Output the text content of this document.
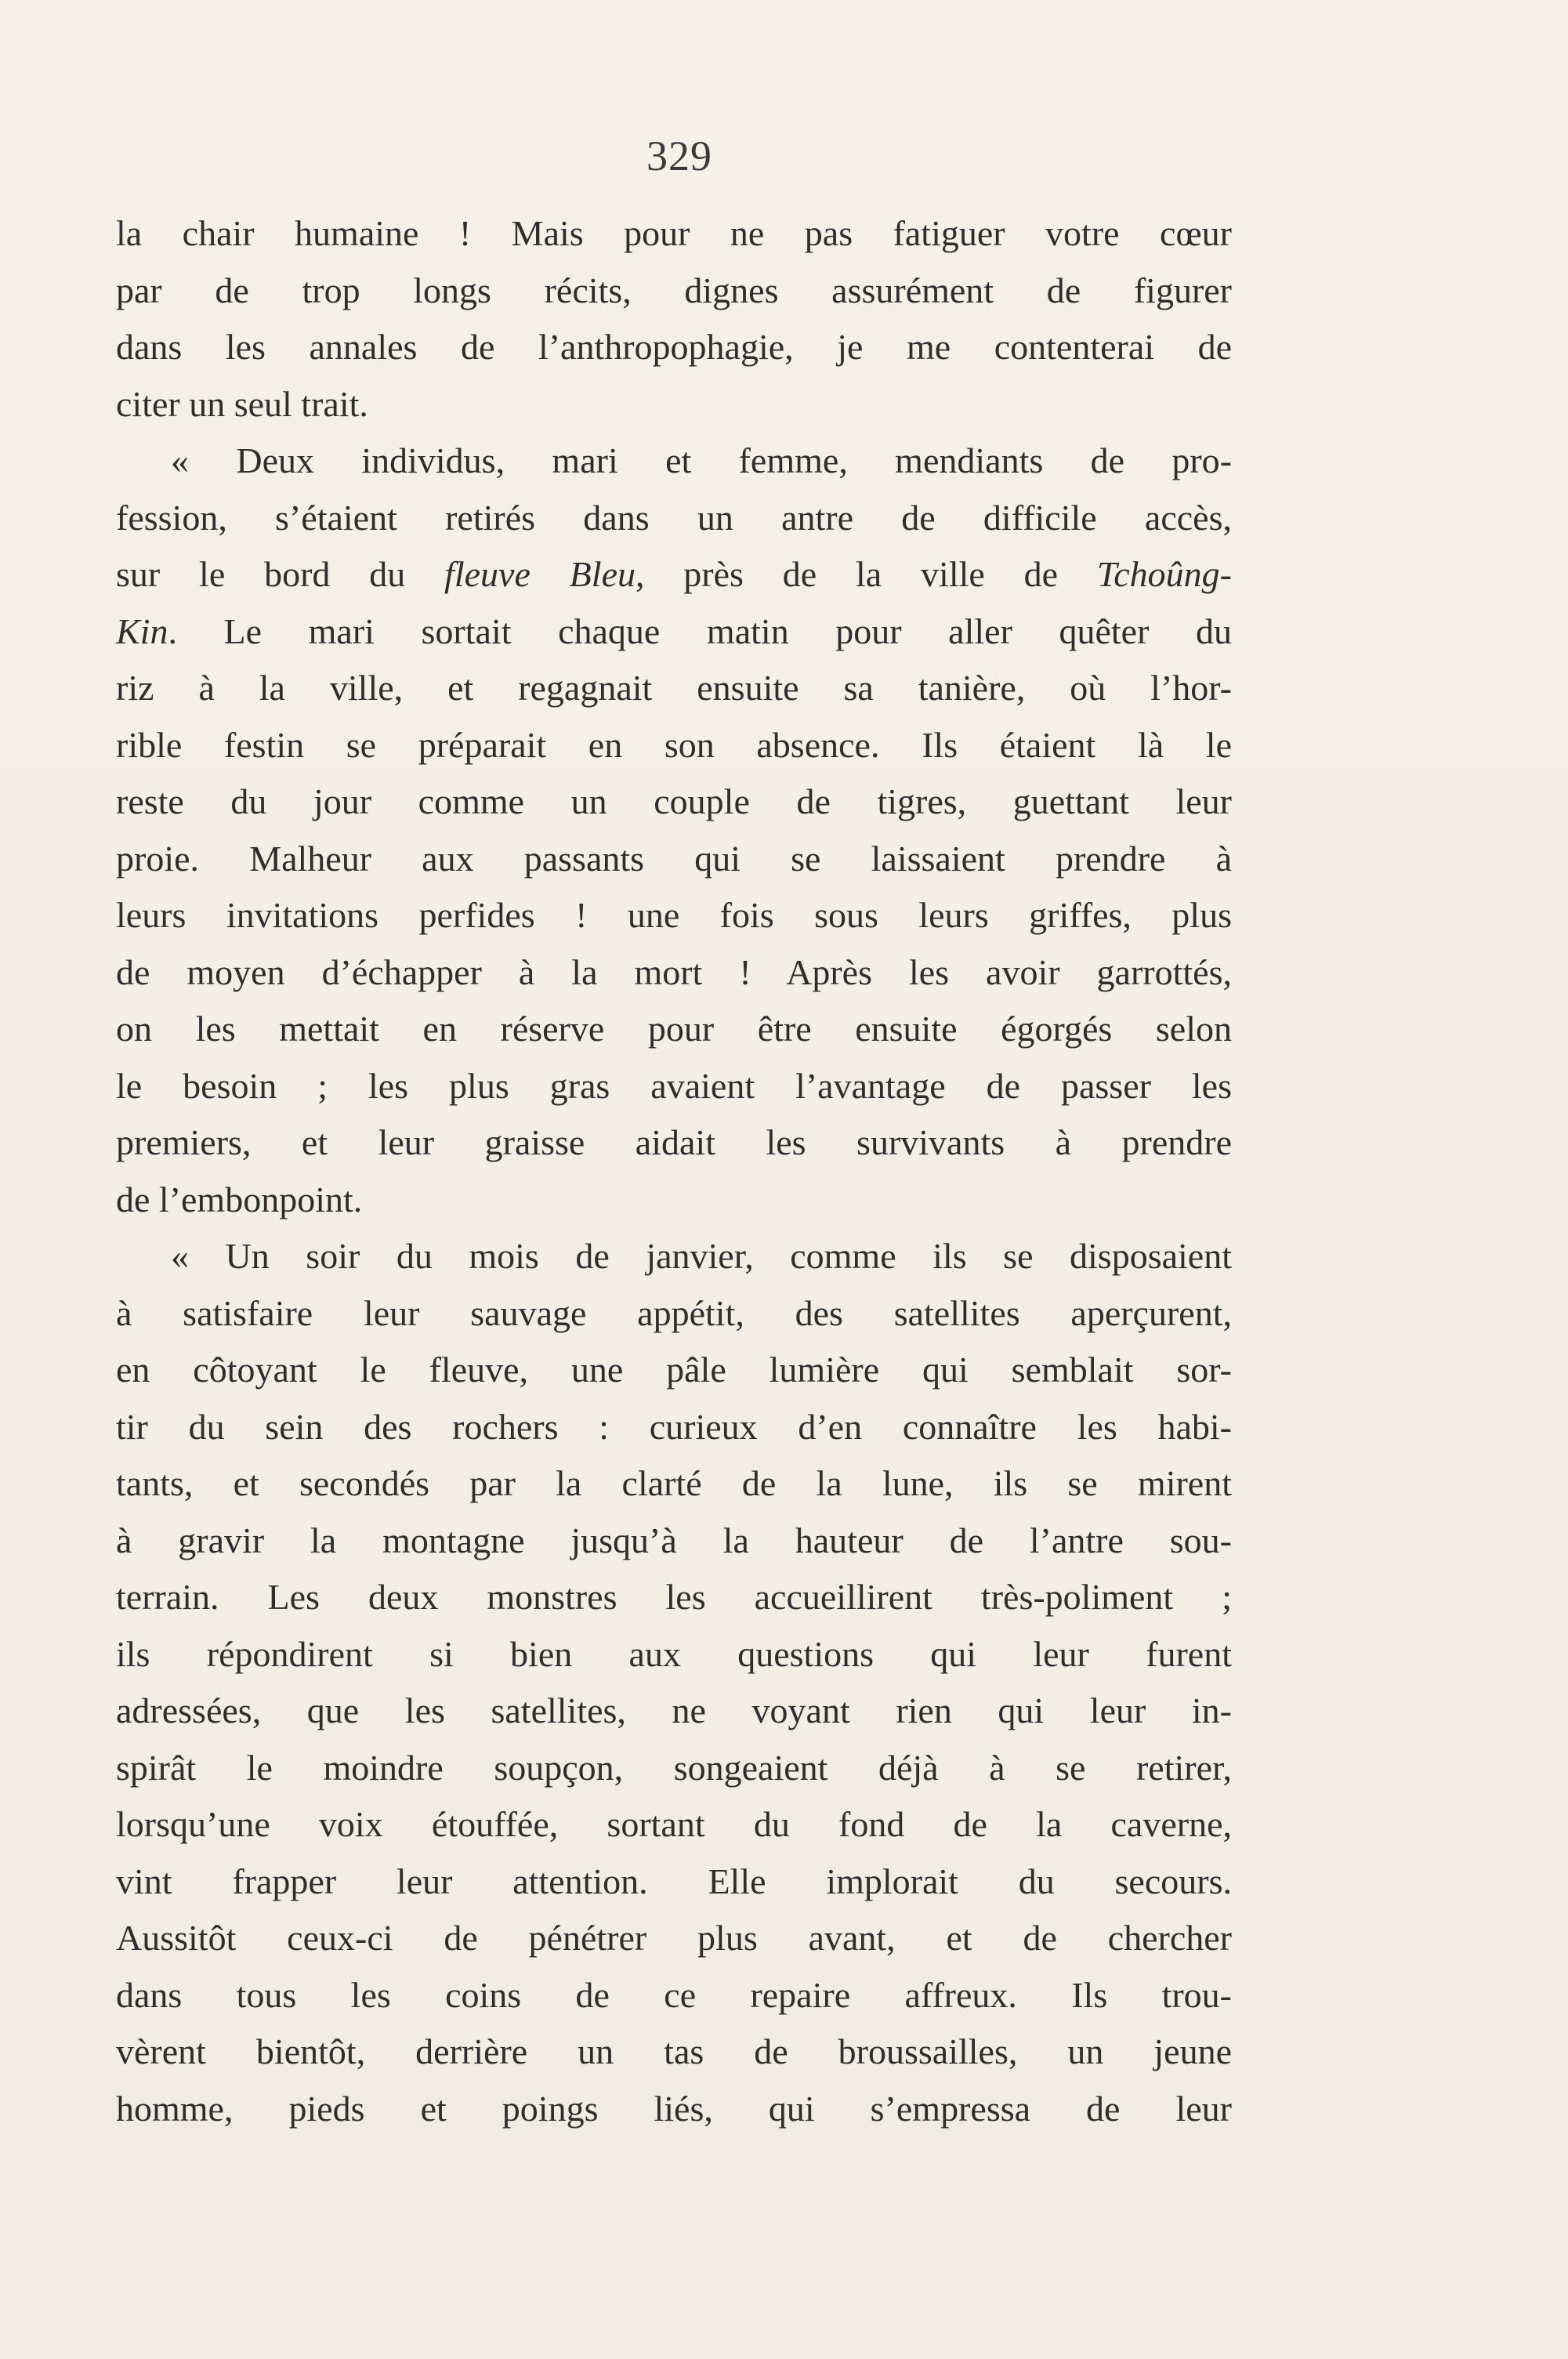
329
la chair humaine ! Mais pour ne pas fatiguer votre cœur
par de trop longs récits, dignes assurément de figurer
dans les annales de l’anthropophagie, je me contenterai de
citer un seul trait.
« Deux individus, mari et femme, mendiants de pro-
fession, s’étaient retirés dans un antre de difficile accès,
sur le bord du fleuve Bleu, près de la ville de Tchoûng-
Kin. Le mari sortait chaque matin pour aller quêter du
riz à la ville, et regagnait ensuite sa tanière, où l’hor-
rible festin se préparait en son absence. Ils étaient là le
reste du jour comme un couple de tigres, guettant leur
proie. Malheur aux passants qui se laissaient prendre à
leurs invitations perfides ! une fois sous leurs griffes, plus
de moyen d’échapper à la mort ! Après les avoir garrottés,
on les mettait en réserve pour être ensuite égorgés selon
le besoin ; les plus gras avaient l’avantage de passer les
premiers, et leur graisse aidait les survivants à prendre
de l’embonpoint.
« Un soir du mois de janvier, comme ils se disposaient
à satisfaire leur sauvage appétit, des satellites aperçurent,
en côtoyant le fleuve, une pâle lumière qui semblait sor-
tir du sein des rochers : curieux d’en connaître les habi-
tants, et secondés par la clarté de la lune, ils se mirent
à gravir la montagne jusqu’à la hauteur de l’antre sou-
terrain. Les deux monstres les accueillirent très-poliment ;
ils répondirent si bien aux questions qui leur furent
adressées, que les satellites, ne voyant rien qui leur in-
spirât le moindre soupçon, songeaient déjà à se retirer,
lorsqu’une voix étouffée, sortant du fond de la caverne,
vint frapper leur attention. Elle implorait du secours.
Aussitôt ceux-ci de pénétrer plus avant, et de chercher
dans tous les coins de ce repaire affreux. Ils trou-
vèrent bientôt, derrière un tas de broussailles, un jeune
homme, pieds et poings liés, qui s’empressa de leur
